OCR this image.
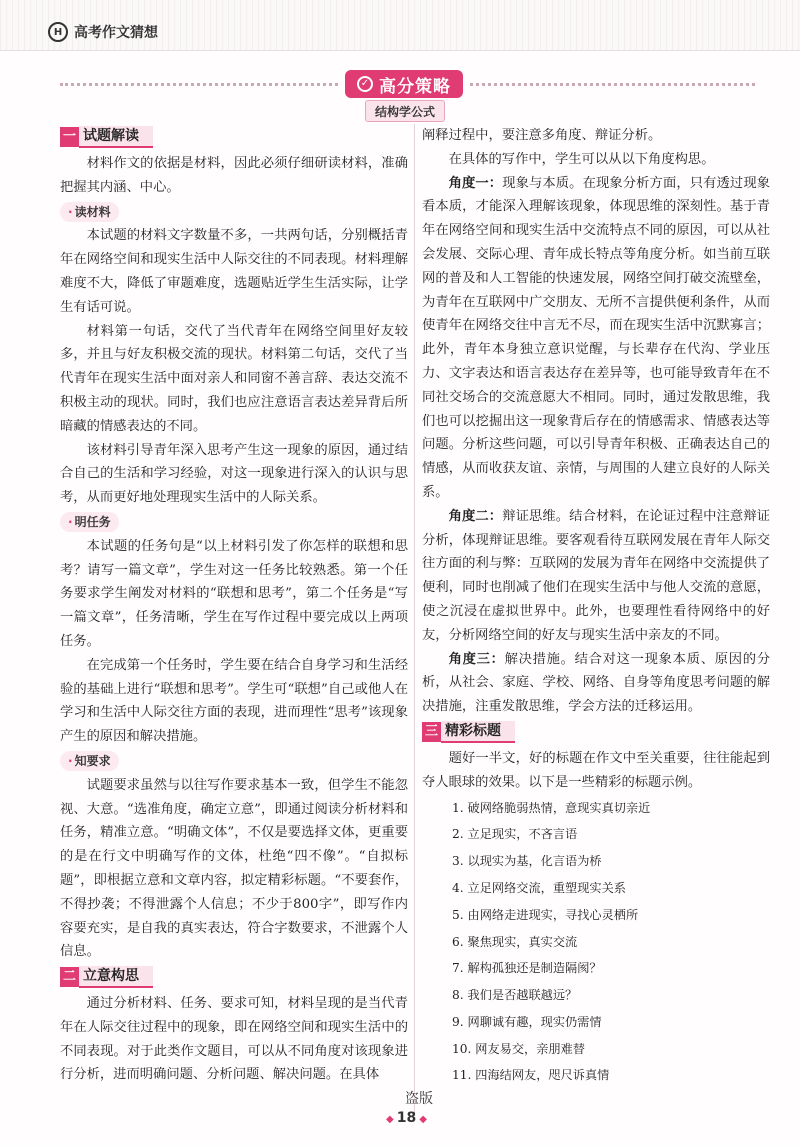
H 高考作文猜想
✓ 高分策略
结构学公式
一 试题解读

材料作文的依据是材料，因此必须仔细研读材料，准确把握其内涵、中心。

· 读材料

本试题的材料文字数量不多，一共两句话，分别概括青年在网络空间和现实生活中人际交往的不同表现。材料理解难度不大，降低了审题难度，选题贴近学生生活实际，让学生有话可说。

材料第一句话，交代了当代青年在网络空间里好友较多，并且与好友积极交流的现状。材料第二句话，交代了当代青年在现实生活中面对亲人和同窗不善言辞、表达交流不积极主动的现状。同时，我们也应注意语言表达差异背后所暗藏的情感表达的不同。

该材料引导青年深入思考产生这一现象的原因，通过结合自己的生活和学习经验，对这一现象进行深入的认识与思考，从而更好地处理现实生活中的人际关系。

· 明任务

本试题的任务句是“以上材料引发了你怎样的联想和思考？请写一篇文章”，学生对这一任务比较熟悉。第一个任务要求学生阐发对材料的“联想和思考”，第二个任务是“写一篇文章”，任务清晰，学生在写作过程中要完成以上两项任务。

在完成第一个任务时，学生要在结合自身学习和生活经验的基础上进行“联想和思考”。学生可“联想”自己或他人在学习和生活中人际交往方面的表现，进而理性“思考”该现象产生的原因和解决措施。

· 知要求

试题要求虽然与以往写作要求基本一致，但学生不能忽视、大意。“选准角度，确定立意”，即通过阅读分析材料和任务，精准立意。“明确文体”，不仅是要选择文体，更重要的是在行文中明确写作的文体，杜绝“四不像”。“自拟标题”，即根据立意和文章内容，拟定精彩标题。“不要套作，不得抄袭；不得泄露个人信息；不少于800字”，即写作内容要充实，是自我的真实表达，符合字数要求，不泄露个人信息。

二 立意构思

通过分析材料、任务、要求可知，材料呈现的是当代青年在人际交往过程中的现象，即在网络空间和现实生活中的不同表现。对于此类作文题目，可以从不同角度对该现象进行分析，进而明确问题、分析问题、解决问题。在具体

阐释过程中，要注意多角度、辩证分析。

在具体的写作中，学生可以从以下角度构思。

角度一：现象与本质。在现象分析方面，只有透过现象看本质，才能深入理解该现象，体现思维的深刻性。基于青年在网络空间和现实生活中交流特点不同的原因，可以从社会发展、交际心理、青年成长特点等角度分析。如当前互联网的普及和人工智能的快速发展，网络空间打破交流壁垒，为青年在互联网中广交朋友、无所不言提供便利条件，从而使青年在网络交往中言无不尽，而在现实生活中沉默寡言；此外，青年本身独立意识觉醒，与长辈存在代沟、学业压力、文字表达和语言表达存在差异等，也可能导致青年在不同社交场合的交流意愿大不相同。同时，通过发散思维，我们也可以挖掘出这一现象背后存在的情感需求、情感表达等问题。分析这些问题，可以引导青年积极、正确表达自己的情感，从而收获友谊、亲情，与周围的人建立良好的人际关系。

角度二：辩证思维。结合材料，在论证过程中注意辩证分析，体现辩证思维。要客观看待互联网发展在青年人际交往方面的利与弊：互联网的发展为青年在网络中交流提供了便利，同时也削减了他们在现实生活中与他人交流的意愿，使之沉浸在虚拟世界中。此外，也要理性看待网络中的好友，分析网络空间的好友与现实生活中亲友的不同。

角度三：解决措施。结合对这一现象本质、原因的分析，从社会、家庭、学校、网络、自身等角度思考问题的解决措施，注重发散思维，学会方法的迁移运用。

三 精彩标题

题好一半文，好的标题在作文中至关重要，往往能起到夺人眼球的效果。以下是一些精彩的标题示例。

1. 破网络脆弱热情，意现实真切亲近

2. 立足现实，不吝言语

3. 以现实为基，化言语为桥

4. 立足网络交流，重塑现实关系

5. 由网络走进现实，寻找心灵栖所

6. 聚焦现实，真实交流

7. 解构孤独还是制造隔阂？

8. 我们是否越联越远？

9. 网聊诚有趣，现实仍需情

10. 网友易交，亲朋难替

11. 四海结网友，咫尺诉真情

盗版
◆ 18 ◆
